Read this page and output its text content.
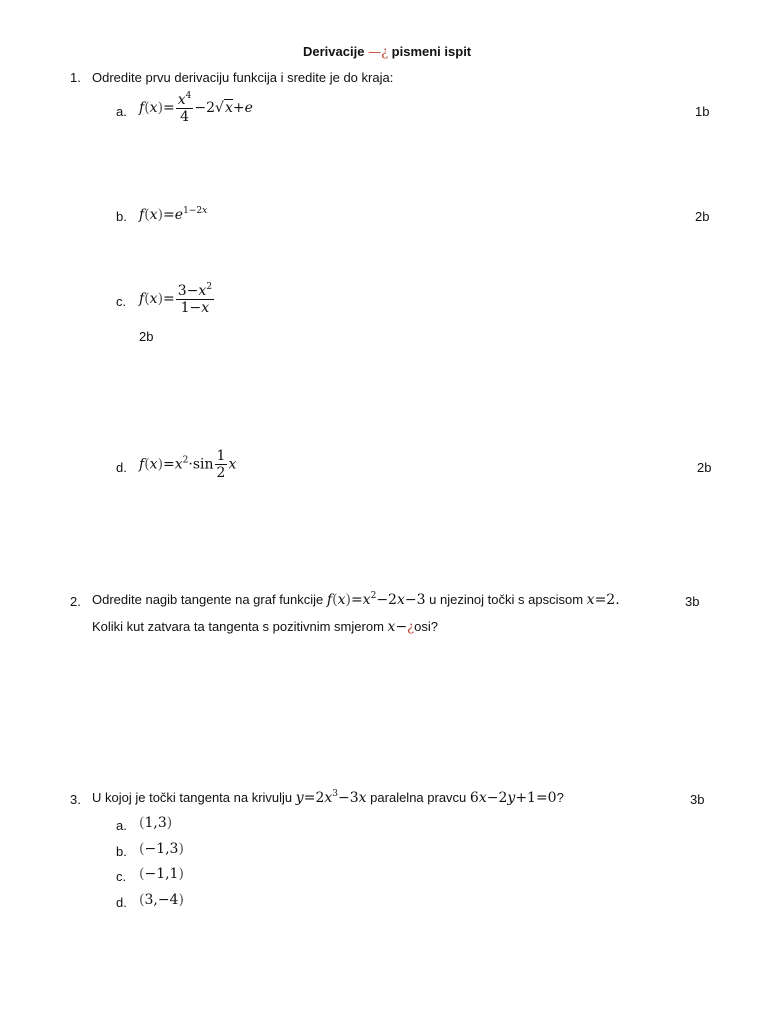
Derivacije —¿ pismeni ispit
1. Odredite prvu derivaciju funkcija i sredite je do kraja:
a. $f(x)= \frac{x^4}{4} -2√x+e$	1b
b. $f(x)=e^{1-2x}$	2b
c. $f(x)= \frac{3-x^2}{1-x}$
2b
d. $f(x)=x^2\cdot\sin \frac{1}{2}$ x	2b
2. Odredite nagib tangente na graf funkcije $f(x)=x^2-2x-3$ u njezinoj točki s apscisom x=2.	3b
Koliki kut zatvara ta tangenta s pozitivnim smjerom x−¿osi?
3. U kojoj je točki tangenta na krivulju $y=2x^3-3x$ paralelna pravcu 6x−2y+1=0?	3b
a. (1,3)
b. (−1,3)
c. (−1,1)
d. (3,−4)
